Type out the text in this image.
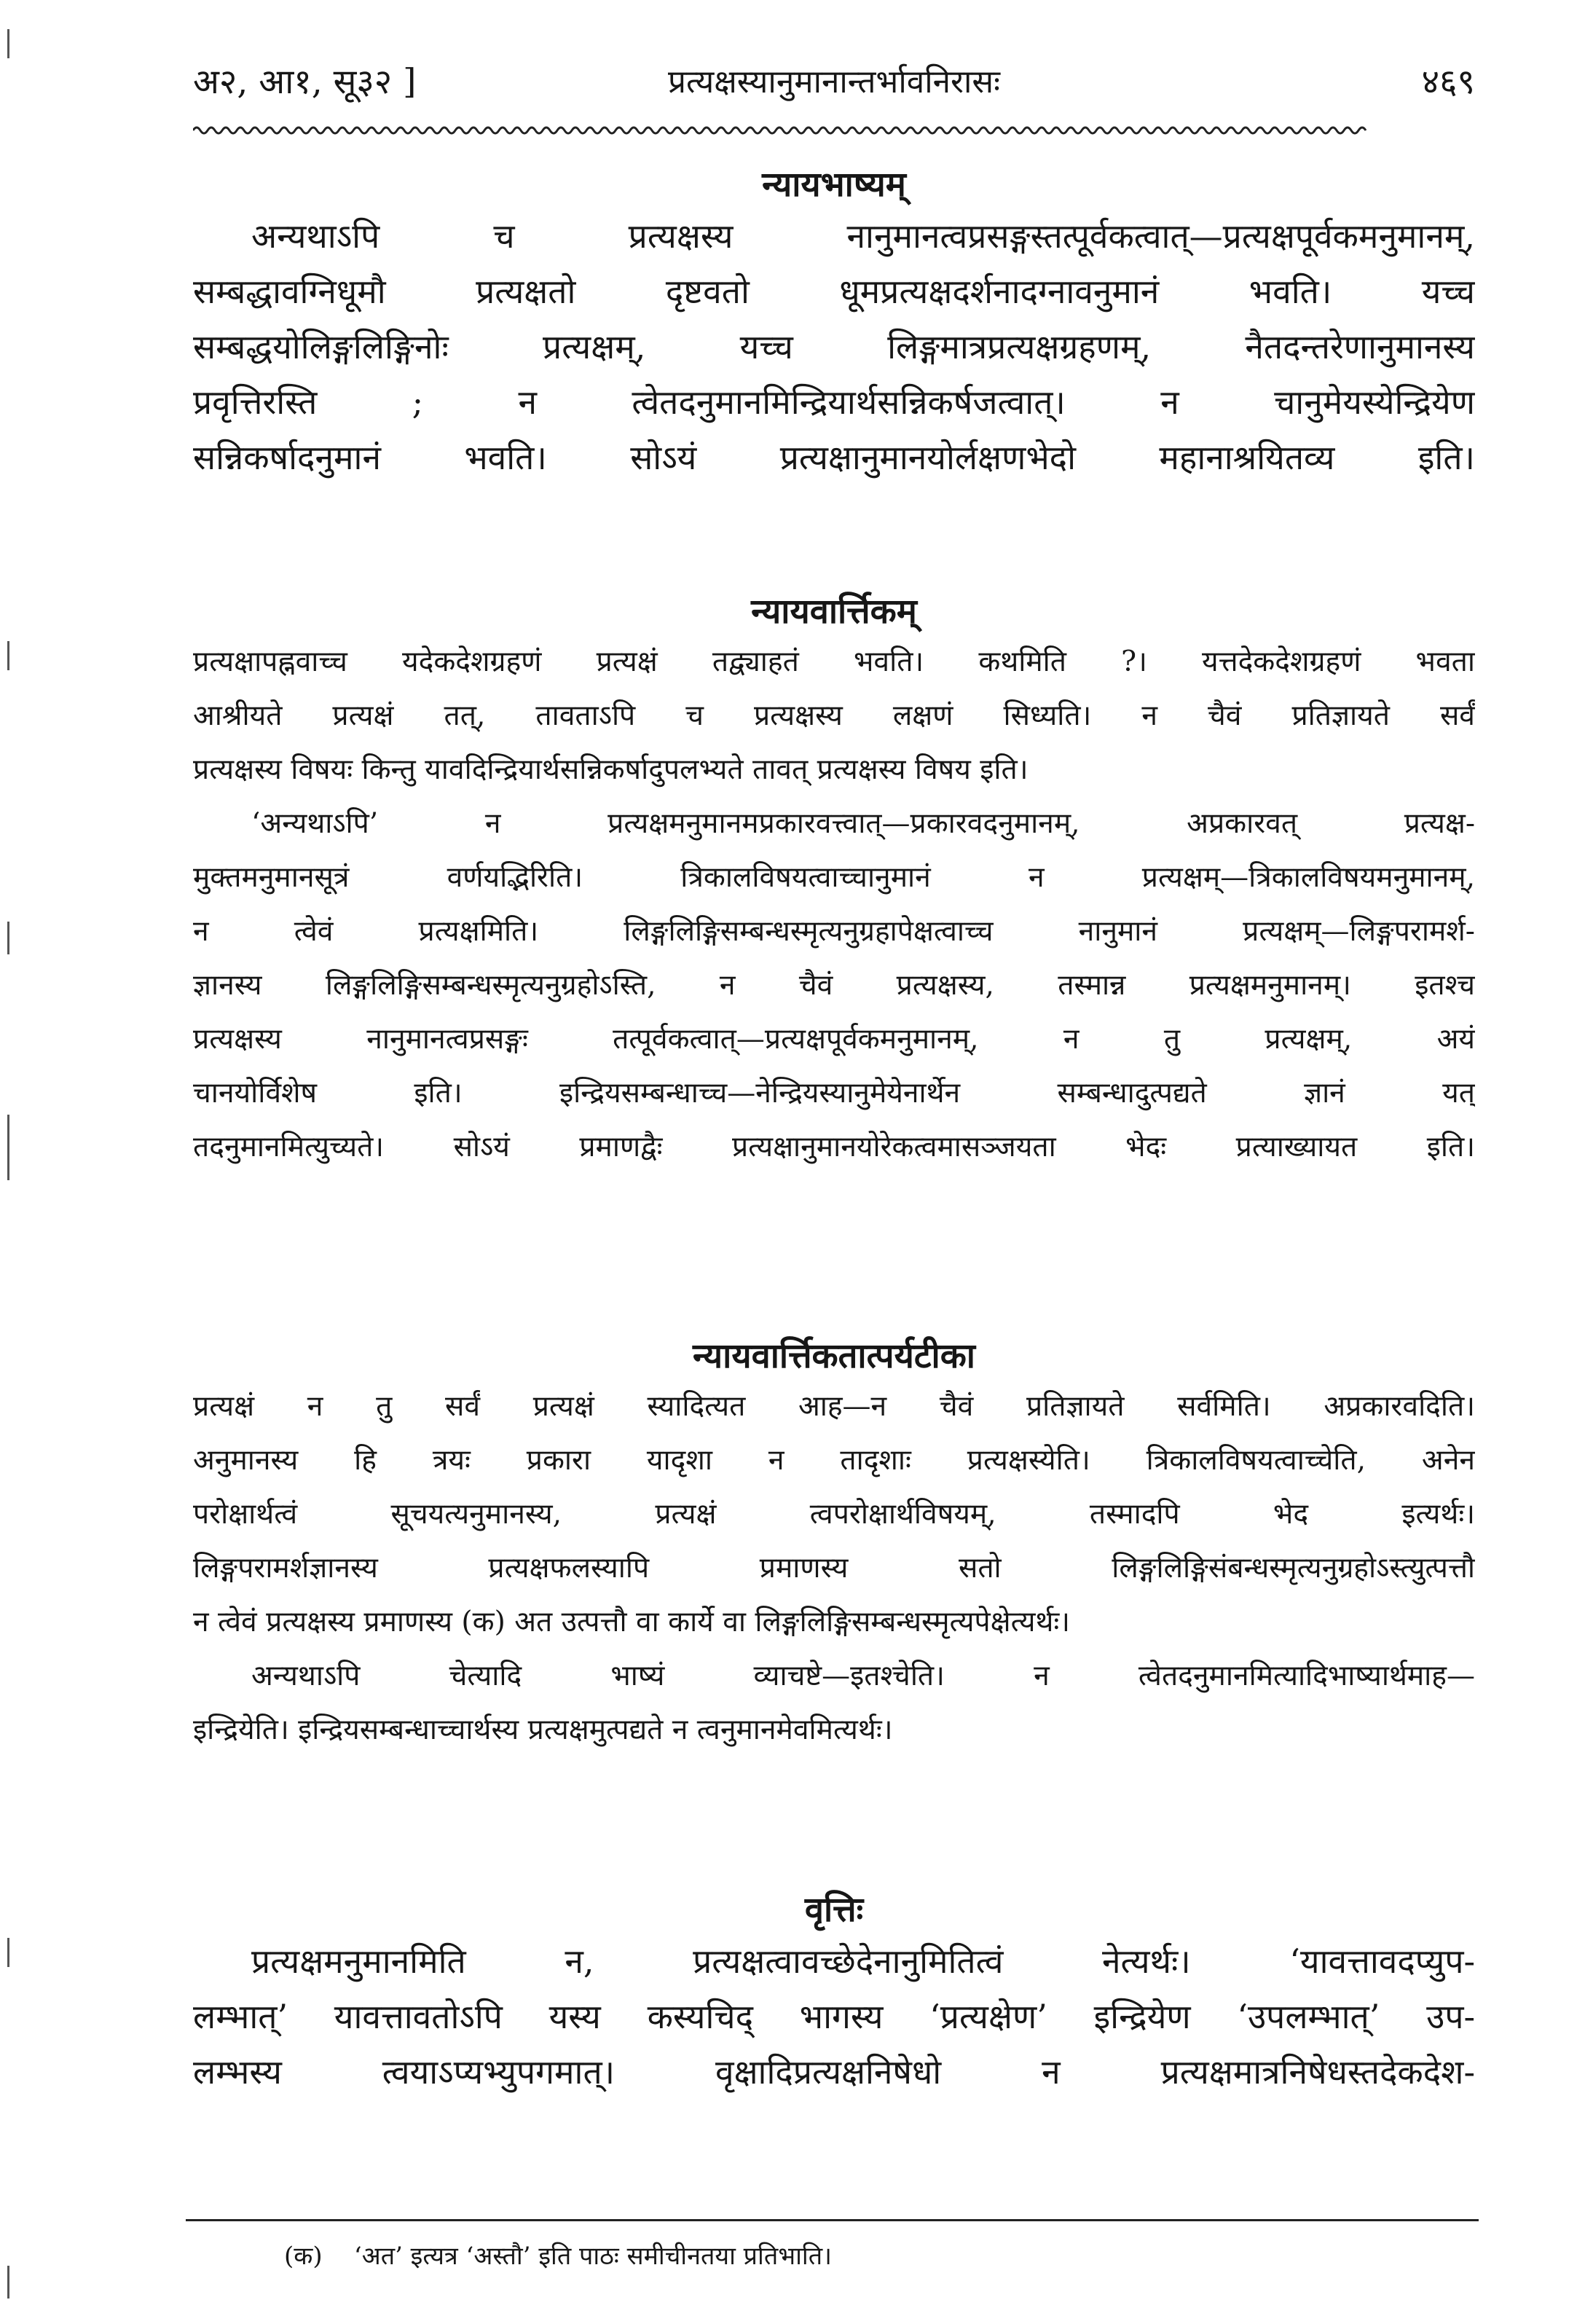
अ२, आ१, सू३२ ]	प्रत्यक्षस्यानुमानान्तर्भावनिरासः	४६९
न्यायभाष्यम्
अन्यथाऽपि च प्रत्यक्षस्य नानुमानत्वप्रसङ्गस्तत्पूर्वकत्वात्—प्रत्यक्षपूर्वकमनुमानम्,
सम्बद्धावग्निधूमौ प्रत्यक्षतो दृष्टवतो धूमप्रत्यक्षदर्शनादग्नावनुमानं भवति। यच्च
सम्बद्धयोलिङ्गलिङ्गिनोः प्रत्यक्षम्, यच्च लिङ्गमात्रप्रत्यक्षग्रहणम्, नैतदन्तरेणानुमानस्य
प्रवृत्तिरस्ति ; न त्वेतदनुमानमिन्द्रियार्थसन्निकर्षजत्वात्। न चानुमेयस्येन्द्रियेण
सन्निकर्षादनुमानं भवति। सोऽयं प्रत्यक्षानुमानयोर्लक्षणभेदो महानाश्रयितव्य इति।
न्यायवार्त्तिकम्
प्रत्यक्षापह्नवाच्च यदेकदेशग्रहणं प्रत्यक्षं तद्व्याहतं भवति। कथमिति ?। यत्तदेकदेशग्रहणं भवता
आश्रीयते प्रत्यक्षं तत्, तावताऽपि च प्रत्यक्षस्य लक्षणं सिध्यति। न चैवं प्रतिज्ञायते सर्वं
प्रत्यक्षस्य विषयः किन्तु यावदिन्द्रियार्थसन्निकर्षादुपलभ्यते तावत् प्रत्यक्षस्य विषय इति।
‘अन्यथाऽपि’ न प्रत्यक्षमनुमानमप्रकारवत्त्वात्—प्रकारवदनुमानम्, अप्रकारवत् प्रत्यक्ष-
मुक्तमनुमानसूत्रं वर्णयद्भिरिति। त्रिकालविषयत्वाच्चानुमानं न प्रत्यक्षम्—त्रिकालविषयमनुमानम्,
न त्वेवं प्रत्यक्षमिति। लिङ्गलिङ्गिसम्बन्धस्मृत्यनुग्रहापेक्षत्वाच्च नानुमानं प्रत्यक्षम्—लिङ्गपरामर्श-
ज्ञानस्य लिङ्गलिङ्गिसम्बन्धस्मृत्यनुग्रहोऽस्ति, न चैवं प्रत्यक्षस्य, तस्मान्न प्रत्यक्षमनुमानम्। इतश्च
प्रत्यक्षस्य नानुमानत्वप्रसङ्गः तत्पूर्वकत्वात्—प्रत्यक्षपूर्वकमनुमानम्, न तु प्रत्यक्षम्, अयं
चानयोर्विशेष इति। इन्द्रियसम्बन्धाच्च—नेन्द्रियस्यानुमेयेनार्थेन सम्बन्धादुत्पद्यते ज्ञानं यत्
तदनुमानमित्युच्यते। सोऽयं प्रमाणद्वैः प्रत्यक्षानुमानयोरेकत्वमासञ्जयता भेदः प्रत्याख्यायत इति।
न्यायवार्त्तिकतात्पर्यटीका
प्रत्यक्षं न तु सर्वं प्रत्यक्षं स्यादित्यत आह—न चैवं प्रतिज्ञायते सर्वमिति। अप्रकारवदिति।
अनुमानस्य हि त्रयः प्रकारा यादृशा न तादृशाः प्रत्यक्षस्येति। त्रिकालविषयत्वाच्चेति, अनेन
परोक्षार्थत्वं सूचयत्यनुमानस्य, प्रत्यक्षं त्वपरोक्षार्थविषयम्, तस्मादपि भेद इत्यर्थः।
लिङ्गपरामर्शज्ञानस्य प्रत्यक्षफलस्यापि प्रमाणस्य सतो लिङ्गलिङ्गिसंबन्धस्मृत्यनुग्रहोऽस्त्युत्पत्तौ
न त्वेवं प्रत्यक्षस्य प्रमाणस्य (क) अत उत्पत्तौ वा कार्ये वा लिङ्गलिङ्गिसम्बन्धस्मृत्यपेक्षेत्यर्थः।
अन्यथाऽपि चेत्यादि भाष्यं व्याचष्टे—इतश्चेति। न त्वेतदनुमानमित्यादिभाष्यार्थमाह—
इन्द्रियेति। इन्द्रियसम्बन्धाच्चार्थस्य प्रत्यक्षमुत्पद्यते न त्वनुमानमेवमित्यर्थः।
वृत्तिः
प्रत्यक्षमनुमानमिति न, प्रत्यक्षत्वावच्छेदेनानुमितित्वं नेत्यर्थः। ‘यावत्तावदप्युप-
लम्भात्’ यावत्तावतोऽपि यस्य कस्यचिद् भागस्य ‘प्रत्यक्षेण’ इन्द्रियेण ‘उपलम्भात्’ उप-
लम्भस्य त्वयाऽप्यभ्युपगमात्। वृक्षादिप्रत्यक्षनिषेधो न प्रत्यक्षमात्रनिषेधस्तदेकदेश-
(क) ‘अत’ इत्यत्र ‘अस्तौ’ इति पाठः समीचीनतया प्रतिभाति।
